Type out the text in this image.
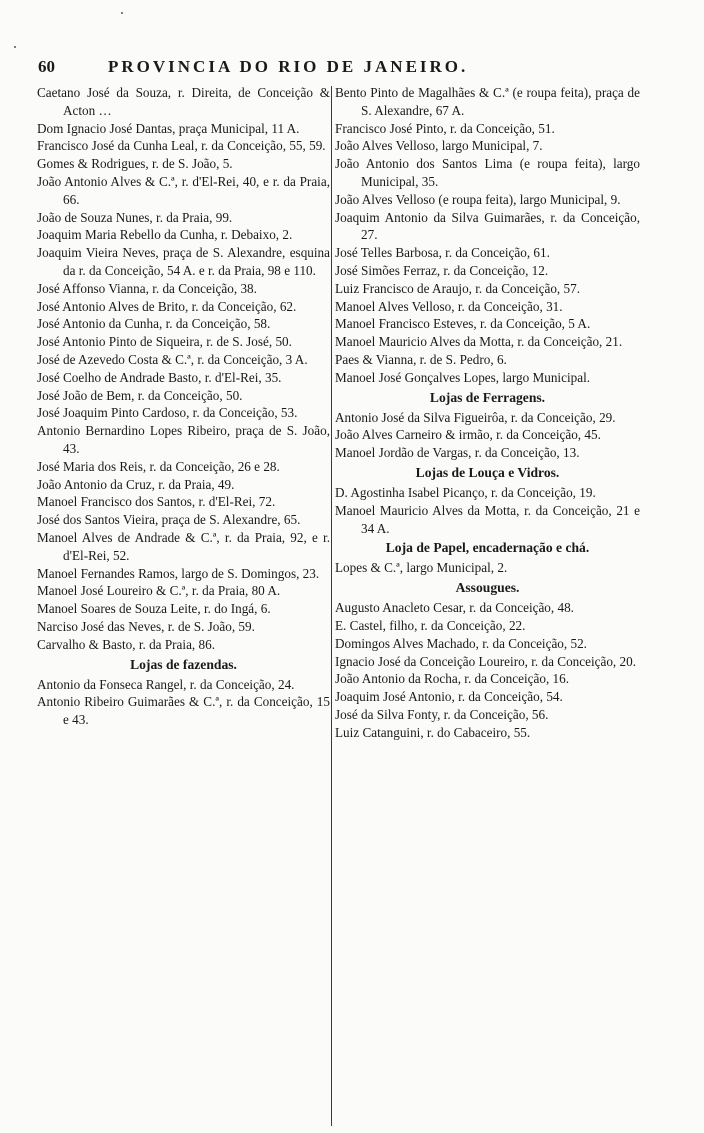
60	PROVINCIA DO RIO DE JANEIRO.

Caetano José da Souza, r. Direita, de Conceição & Acton …

Dom Ignacio José Dantas, praça Municipal, 11 A.

Francisco José da Cunha Leal, r. da Conceição, 55, 59.

Gomes & Rodrigues, r. de S. João, 5.

João Antonio Alves & C.ª, r. d'El-Rei, 40, e r. da Praia, 66.

João de Souza Nunes, r. da Praia, 99.

Joaquim Maria Rebello da Cunha, r. Debaixo, 2.

Joaquim Vieira Neves, praça de S. Alexandre, esquina da r. da Conceição, 54 A. e r. da Praia, 98 e 110.

José Affonso Vianna, r. da Conceição, 38.

José Antonio Alves de Brito, r. da Conceição, 62.

José Antonio da Cunha, r. da Conceição, 58.

José Antonio Pinto de Siqueira, r. de S. José, 50.

José de Azevedo Costa & C.ª, r. da Conceição, 3 A.

José Coelho de Andrade Basto, r. d'El-Rei, 35.

José João de Bem, r. da Conceição, 50.

José Joaquim Pinto Cardoso, r. da Conceição, 53.

Antonio Bernardino Lopes Ribeiro, praça de S. João, 43.

José Maria dos Reis, r. da Conceição, 26 e 28.

João Antonio da Cruz, r. da Praia, 49.

Manoel Francisco dos Santos, r. d'El-Rei, 72.

José dos Santos Vieira, praça de S. Alexandre, 65.

Manoel Alves de Andrade & C.ª, r. da Praia, 92, e r. d'El-Rei, 52.

Manoel Fernandes Ramos, largo de S. Domingos, 23.

Manoel José Loureiro & C.ª, r. da Praia, 80 A.

Manoel Soares de Souza Leite, r. do Ingá, 6.

Narciso José das Neves, r. de S. João, 59.

Carvalho & Basto, r. da Praia, 86.

Lojas de fazendas.

Antonio da Fonseca Rangel, r. da Conceição, 24.

Antonio Ribeiro Guimarães & C.ª, r. da Conceição, 15 e 43.

Bento Pinto de Magalhães & C.ª (e roupa feita), praça de S. Alexandre, 67 A.

Francisco José Pinto, r. da Conceição, 51.

João Alves Velloso, largo Municipal, 7.

João Antonio dos Santos Lima (e roupa feita), largo Municipal, 35.

João Alves Velloso (e roupa feita), largo Municipal, 9.

Joaquim Antonio da Silva Guimarães, r. da Conceição, 27.

José Telles Barbosa, r. da Conceição, 61.

José Simões Ferraz, r. da Conceição, 12.

Luiz Francisco de Araujo, r. da Conceição, 57.

Manoel Alves Velloso, r. da Conceição, 31.

Manoel Francisco Esteves, r. da Conceição, 5 A.

Manoel Mauricio Alves da Motta, r. da Conceição, 21.

Paes & Vianna, r. de S. Pedro, 6.

Manoel José Gonçalves Lopes, largo Municipal.

Lojas de Ferragens.

Antonio José da Silva Figueirôa, r. da Conceição, 29.

João Alves Carneiro & irmão, r. da Conceição, 45.

Manoel Jordão de Vargas, r. da Conceição, 13.

Lojas de Louça e Vidros.

D. Agostinha Isabel Picanço, r. da Conceição, 19.

Manoel Mauricio Alves da Motta, r. da Conceição, 21 e 34 A.

Loja de Papel, encadernação e chá.

Lopes & C.ª, largo Municipal, 2.

Assougues.

Augusto Anacleto Cesar, r. da Conceição, 48.

E. Castel, filho, r. da Conceição, 22.

Domingos Alves Machado, r. da Conceição, 52.

Ignacio José da Conceição Loureiro, r. da Conceição, 20.

João Antonio da Rocha, r. da Conceição, 16.

Joaquim José Antonio, r. da Conceição, 54.

José da Silva Fonty, r. da Conceição, 56.

Luiz Catanguini, r. do Cabaceiro, 55.
